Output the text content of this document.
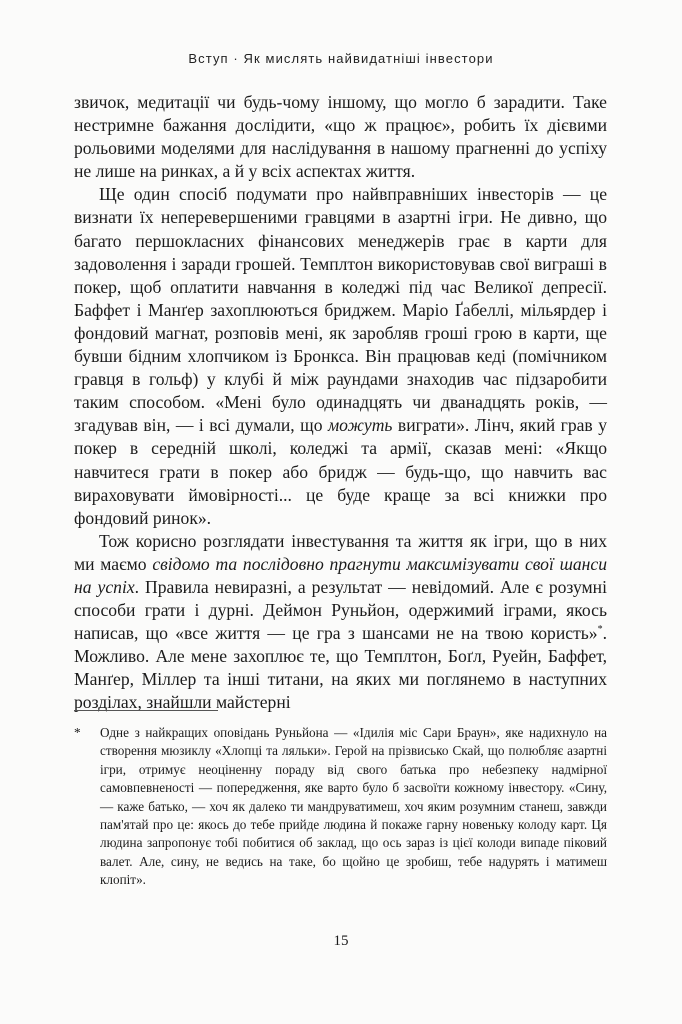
Вступ · Як мислять найвидатніші інвестори

звичок, медитації чи будь-чому іншому, що могло б зарадити. Таке нестримне бажання дослідити, «що ж працює», робить їх дієвими рольовими моделями для наслідування в нашому прагненні до успіху не лише на ринках, а й у всіх аспектах життя.

Ще один спосіб подумати про найвправніших інвесторів — це визнати їх неперевершеними гравцями в азартні ігри. Не дивно, що багато першокласних фінансових менеджерів грає в карти для задоволення і заради грошей. Темплтон використовував свої виграші в покер, щоб оплатити навчання в коледжі під час Великої депресії. Баффет і Манґер захоплюються бриджем. Маріо Ґабеллі, мільярдер і фондовий магнат, розповів мені, як заробляв гроші грою в карти, ще бувши бідним хлопчиком із Бронкса. Він працював кеді (помічником гравця в гольф) у клубі й між раундами знаходив час підзаробити таким способом. «Мені було одинадцять чи дванадцять років, — згадував він, — і всі думали, що можуть виграти». Лінч, який грав у покер в середній школі, коледжі та армії, сказав мені: «Якщо навчитеся грати в покер або бридж — будь-що, що навчить вас вираховувати ймовірності... це буде краще за всі книжки про фондовий ринок».

Тож корисно розглядати інвестування та життя як ігри, що в них ми маємо свідомо та послідовно прагнути максимізувати свої шанси на успіх. Правила невиразні, а результат — невідомий. Але є розумні способи грати і дурні. Деймон Руньйон, одержимий іграми, якось написав, що «все життя — це гра з шансами не на твою користь»*. Можливо. Але мене захоплює те, що Темплтон, Боґл, Руейн, Баффет, Манґер, Міллер та інші титани, на яких ми поглянемо в наступних розділах, знайшли майстерні

* Одне з найкращих оповідань Руньйона — «Ідилія міс Сари Браун», яке надихнуло на створення мюзиклу «Хлопці та ляльки». Герой на прізвисько Скай, що полюбляє азартні ігри, отримує неоціненну пораду від свого батька про небезпеку надмірної самовпевненості — попередження, яке варто було б засвоїти кожному інвестору. «Сину, — каже батько, — хоч як далеко ти мандруватимеш, хоч яким розумним станеш, завжди пам'ятай про це: якось до тебе прийде людина й покаже гарну новеньку колоду карт. Ця людина запропонує тобі побитися об заклад, що ось зараз із цієї колоди випаде піковий валет. Але, сину, не ведись на таке, бо щойно це зробиш, тебе надурять і матимеш клопіт».
15
